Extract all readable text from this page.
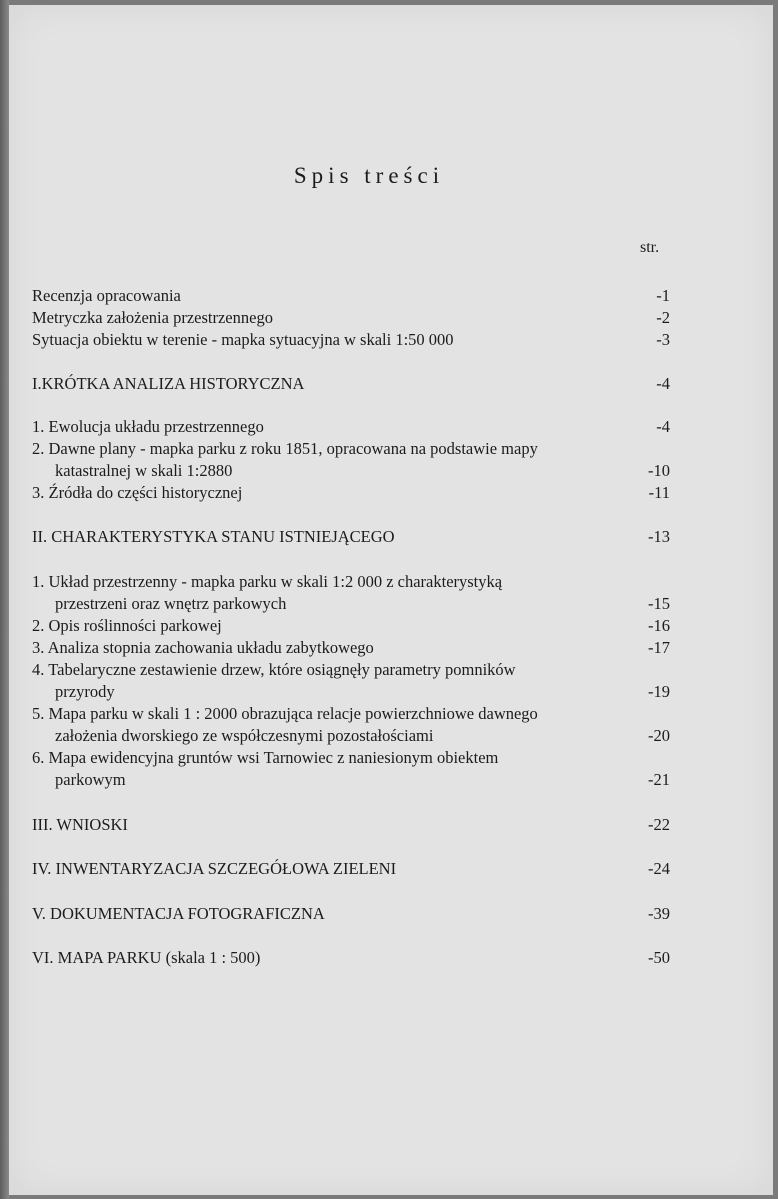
Spis treści
str.
Recenzja opracowania	-1
Metryczka założenia przestrzennego	-2
Sytuacja obiektu w terenie - mapka sytuacyjna w skali 1:50 000	-3
I.KRÓTKA ANALIZA HISTORYCZNA	-4
1. Ewolucja układu przestrzennego	-4
2. Dawne plany - mapka parku z roku 1851, opracowana na podstawie mapy
katastralnej w skali 1:2880	-10
3. Źródła do części historycznej	-11
II. CHARAKTERYSTYKA STANU ISTNIEJĄCEGO	-13
1. Układ przestrzenny - mapka parku w skali 1:2 000 z charakterystyką
przestrzeni oraz wnętrz parkowych	-15
2. Opis roślinności parkowej	-16
3. Analiza stopnia zachowania układu zabytkowego	-17
4. Tabelaryczne zestawienie drzew, które osiągnęły parametry pomników
przyrody	-19
5. Mapa parku w skali 1 : 2000 obrazująca relacje powierzchniowe dawnego
założenia dworskiego ze współczesnymi pozostałościami	-20
6. Mapa ewidencyjna gruntów wsi Tarnowiec z naniesionym obiektem
parkowym	-21
III. WNIOSKI	-22
IV. INWENTARYZACJA SZCZEGÓŁOWA ZIELENI	-24
V. DOKUMENTACJA FOTOGRAFICZNA	-39
VI. MAPA PARKU (skala 1 : 500)	-50
